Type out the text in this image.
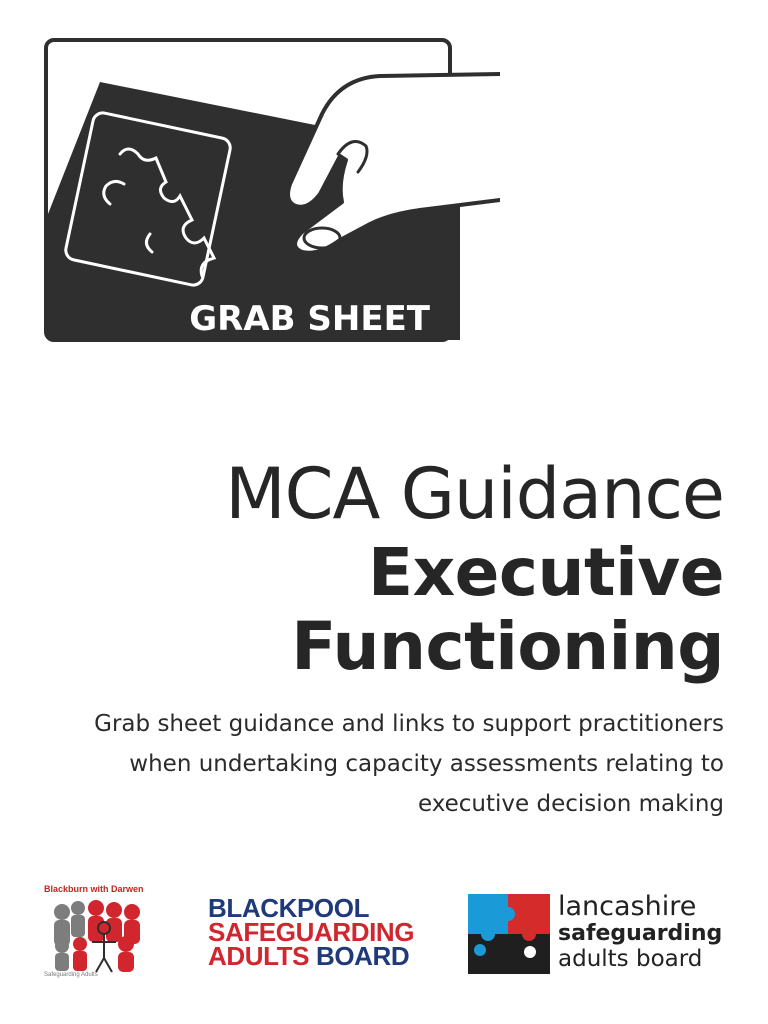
GRAB SHEET
MCA Guidance
Executive
Functioning
Grab sheet guidance and links to support practitioners
when undertaking capacity assessments relating to
executive decision making
Blackburn with Darwen
Safeguarding Adults
BLACKPOOL
SAFEGUARDING
ADULTS BOARD
lancashire
safeguarding
adults board
